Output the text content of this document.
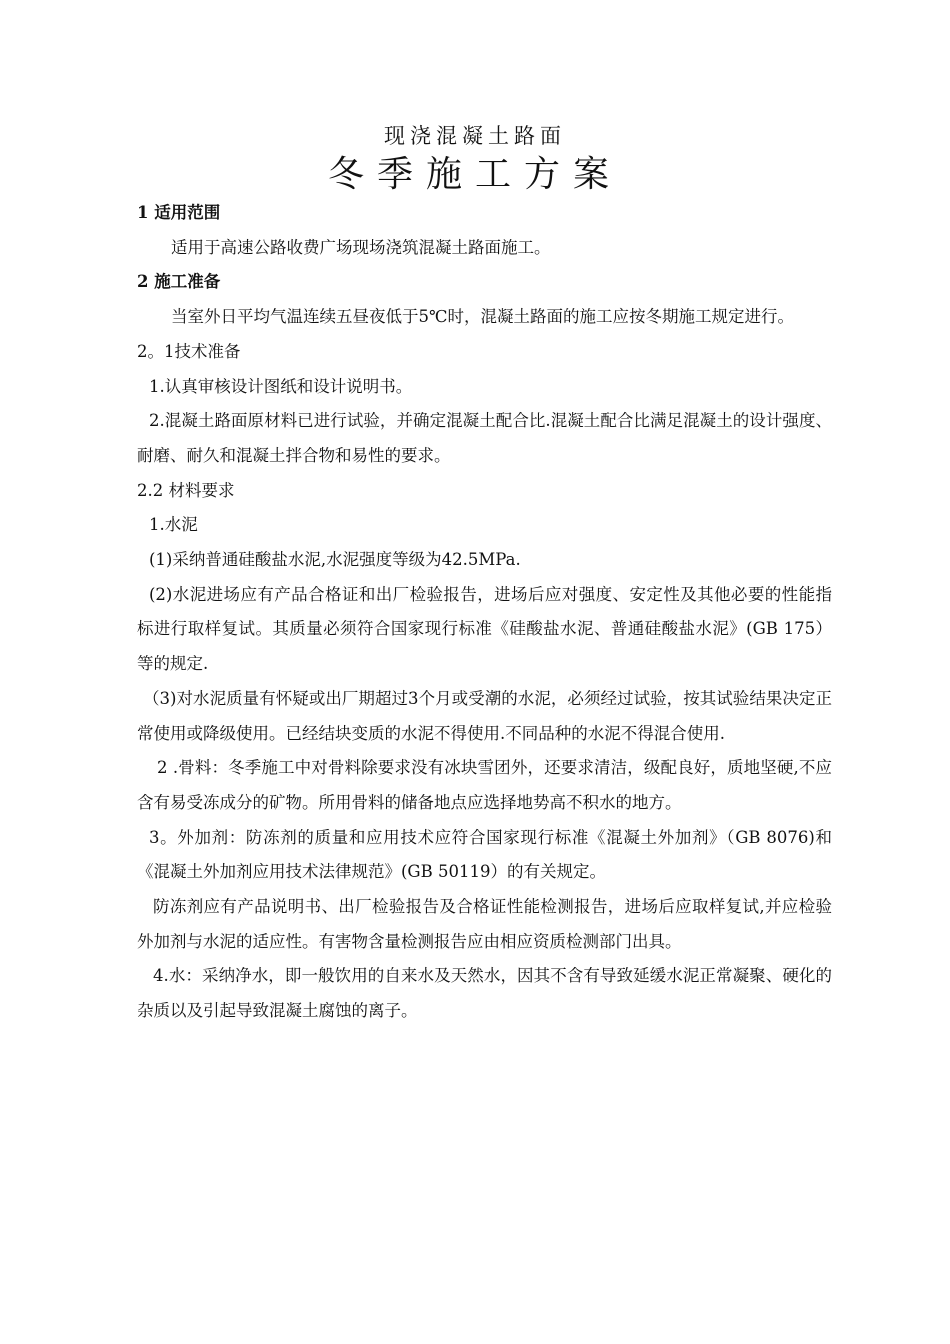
现浇混凝土路面
冬季施工方案

1 适用范围

适用于高速公路收费广场现场浇筑混凝土路面施工。

2 施工准备

当室外日平均气温连续五昼夜低于5℃时，混凝土路面的施工应按冬期施工规定进行。

2。1技术准备

1.认真审核设计图纸和设计说明书。

2.混凝土路面原材料已进行试验，并确定混凝土配合比.混凝土配合比满足混凝土的设计强度、耐磨、耐久和混凝土拌合物和易性的要求。

2.2 材料要求

1.水泥

(1)采纳普通硅酸盐水泥,水泥强度等级为42.5MPa.

(2)水泥进场应有产品合格证和出厂检验报告，进场后应对强度、安定性及其他必要的性能指标进行取样复试。其质量必须符合国家现行标准《硅酸盐水泥、普通硅酸盐水泥》(GB 175）等的规定.

（3)对水泥质量有怀疑或出厂期超过3个月或受潮的水泥，必须经过试验，按其试验结果决定正常使用或降级使用。已经结块变质的水泥不得使用.不同品种的水泥不得混合使用.

2 .骨料：冬季施工中对骨料除要求没有冰块雪团外，还要求清洁，级配良好，质地坚硬,不应含有易受冻成分的矿物。所用骨料的储备地点应选择地势高不积水的地方。

3。外加剂：防冻剂的质量和应用技术应符合国家现行标准《混凝土外加剂》（GB 8076)和《混凝土外加剂应用技术法律规范》(GB 50119）的有关规定。

防冻剂应有产品说明书、出厂检验报告及合格证性能检测报告，进场后应取样复试,并应检验外加剂与水泥的适应性。有害物含量检测报告应由相应资质检测部门出具。

4.水：采纳净水，即一般饮用的自来水及天然水，因其不含有导致延缓水泥正常凝聚、硬化的杂质以及引起导致混凝土腐蚀的离子。
